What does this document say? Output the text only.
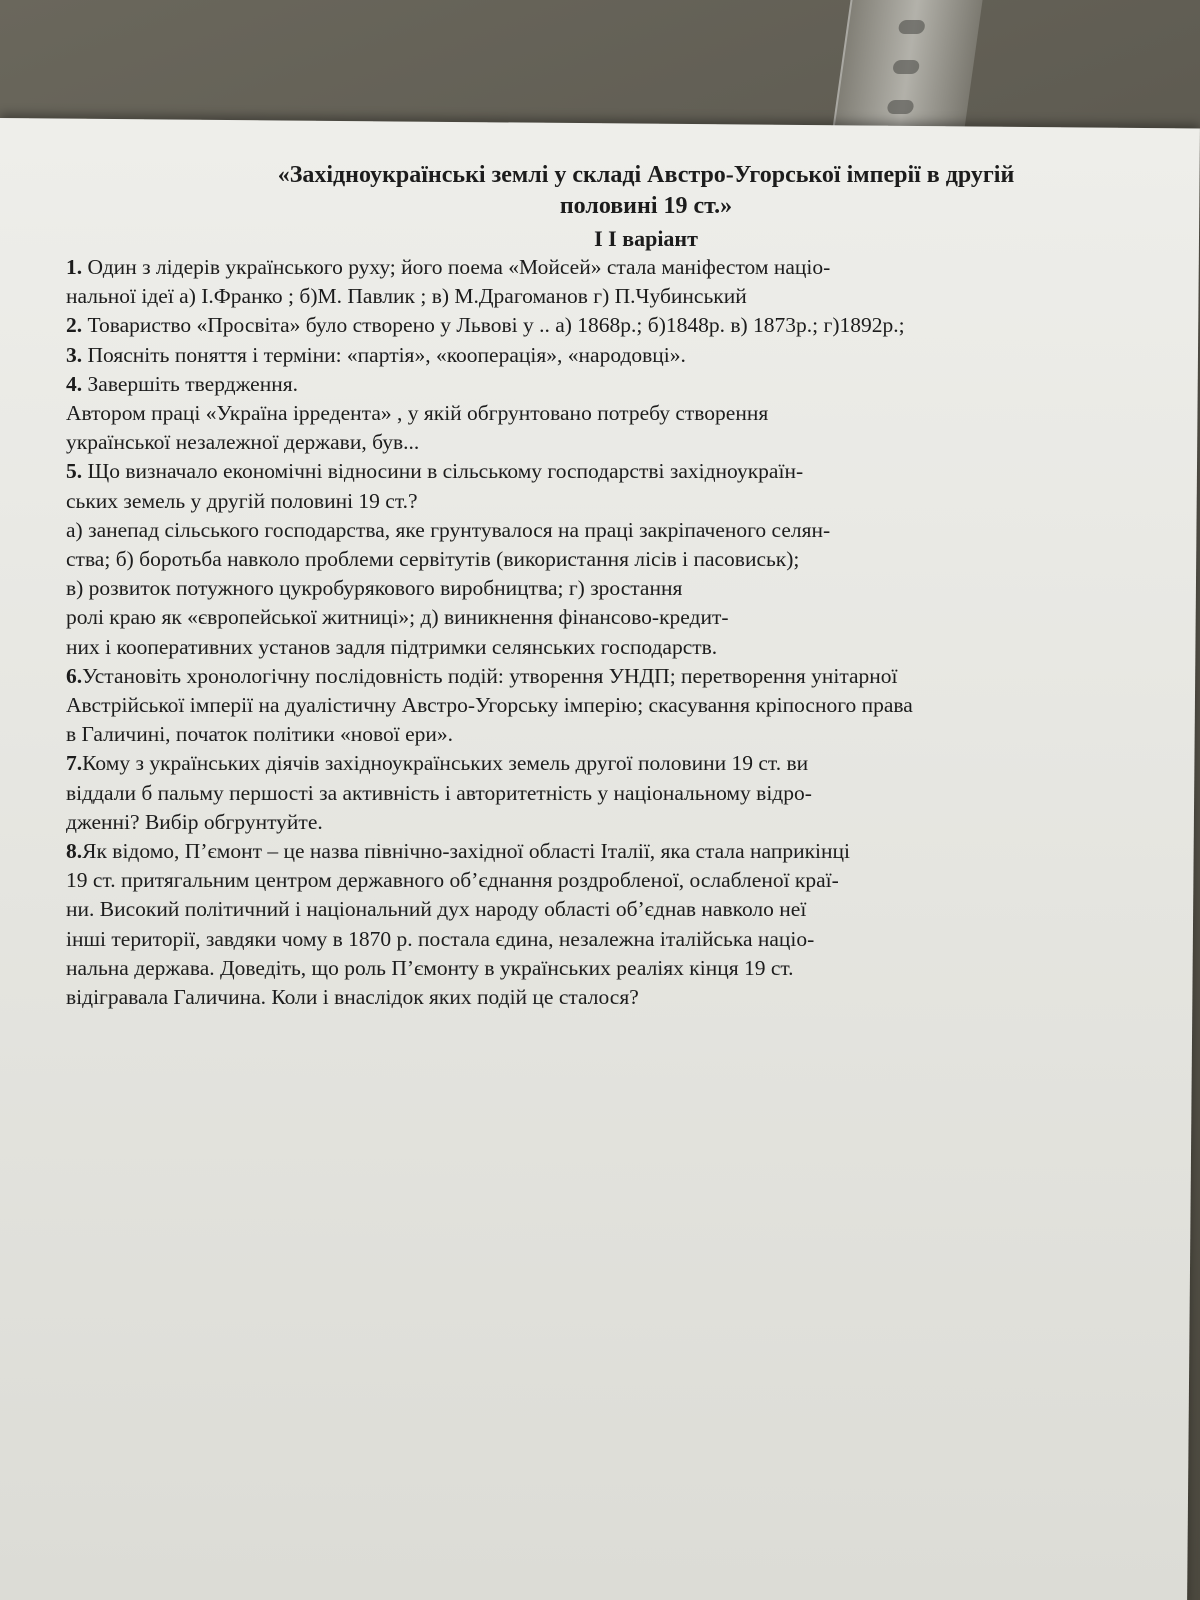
​
​
​
​
​
​
«Західноукраїнські землі у складі Австро-Угорської імперії в другій
половині 19 ст.»
І І варіант
1. Один з лідерів українського руху; його поема «Мойсей» стала маніфестом націо-
нальної ідеї а) І.Франко ; б)М. Павлик ; в) М.Драгоманов г) П.Чубинський
2. Товариство «Просвіта» було створено у Львові у .. а) 1868р.; б)1848р. в) 1873р.; г)1892р.;
3. Поясніть поняття і терміни: «партія», «кооперація», «народовці».
4. Завершіть твердження.
Автором праці «Україна ірредента» , у якій обгрунтовано потребу створення
української незалежної держави, був...
5. Що визначало економічні відносини в сільському господарстві західноукраїн-
ських земель у другій половині 19 ст.?
а) занепад сільського господарства, яке грунтувалося на праці закріпаченого селян-
ства; б) боротьба навколо проблеми сервітутів (використання лісів і пасовиськ);
в) розвиток потужного цукробурякового виробництва; г) зростання
ролі краю як «європейської житниці»; д) виникнення фінансово-кредит-
них і кооперативних установ задля підтримки селянських господарств.
6.Установіть хронологічну послідовність подій: утворення УНДП; перетворення унітарної
Австрійської імперії на дуалістичну Австро-Угорську імперію; скасування кріпосного права
в Галичині, початок політики «нової ери».
7.Кому з українських діячів західноукраїнських земель другої половини 19 ст. ви
віддали б пальму першості за активність і авторитетність у національному відро-
дженні? Вибір обгрунтуйте.
8.Як відомо, П’ємонт – це назва північно-західної області Італії, яка стала наприкінці
19 ст. притягальним центром державного об’єднання роздробленої, ослабленої краї-
ни. Високий політичний і національний дух народу області об’єднав навколо неї
інші території, завдяки чому в 1870 р. постала єдина, незалежна італійська націо-
нальна держава. Доведіть, що роль П’ємонту в українських реаліях кінця 19 ст.
відігравала Галичина. Коли і внаслідок яких подій це сталося?
